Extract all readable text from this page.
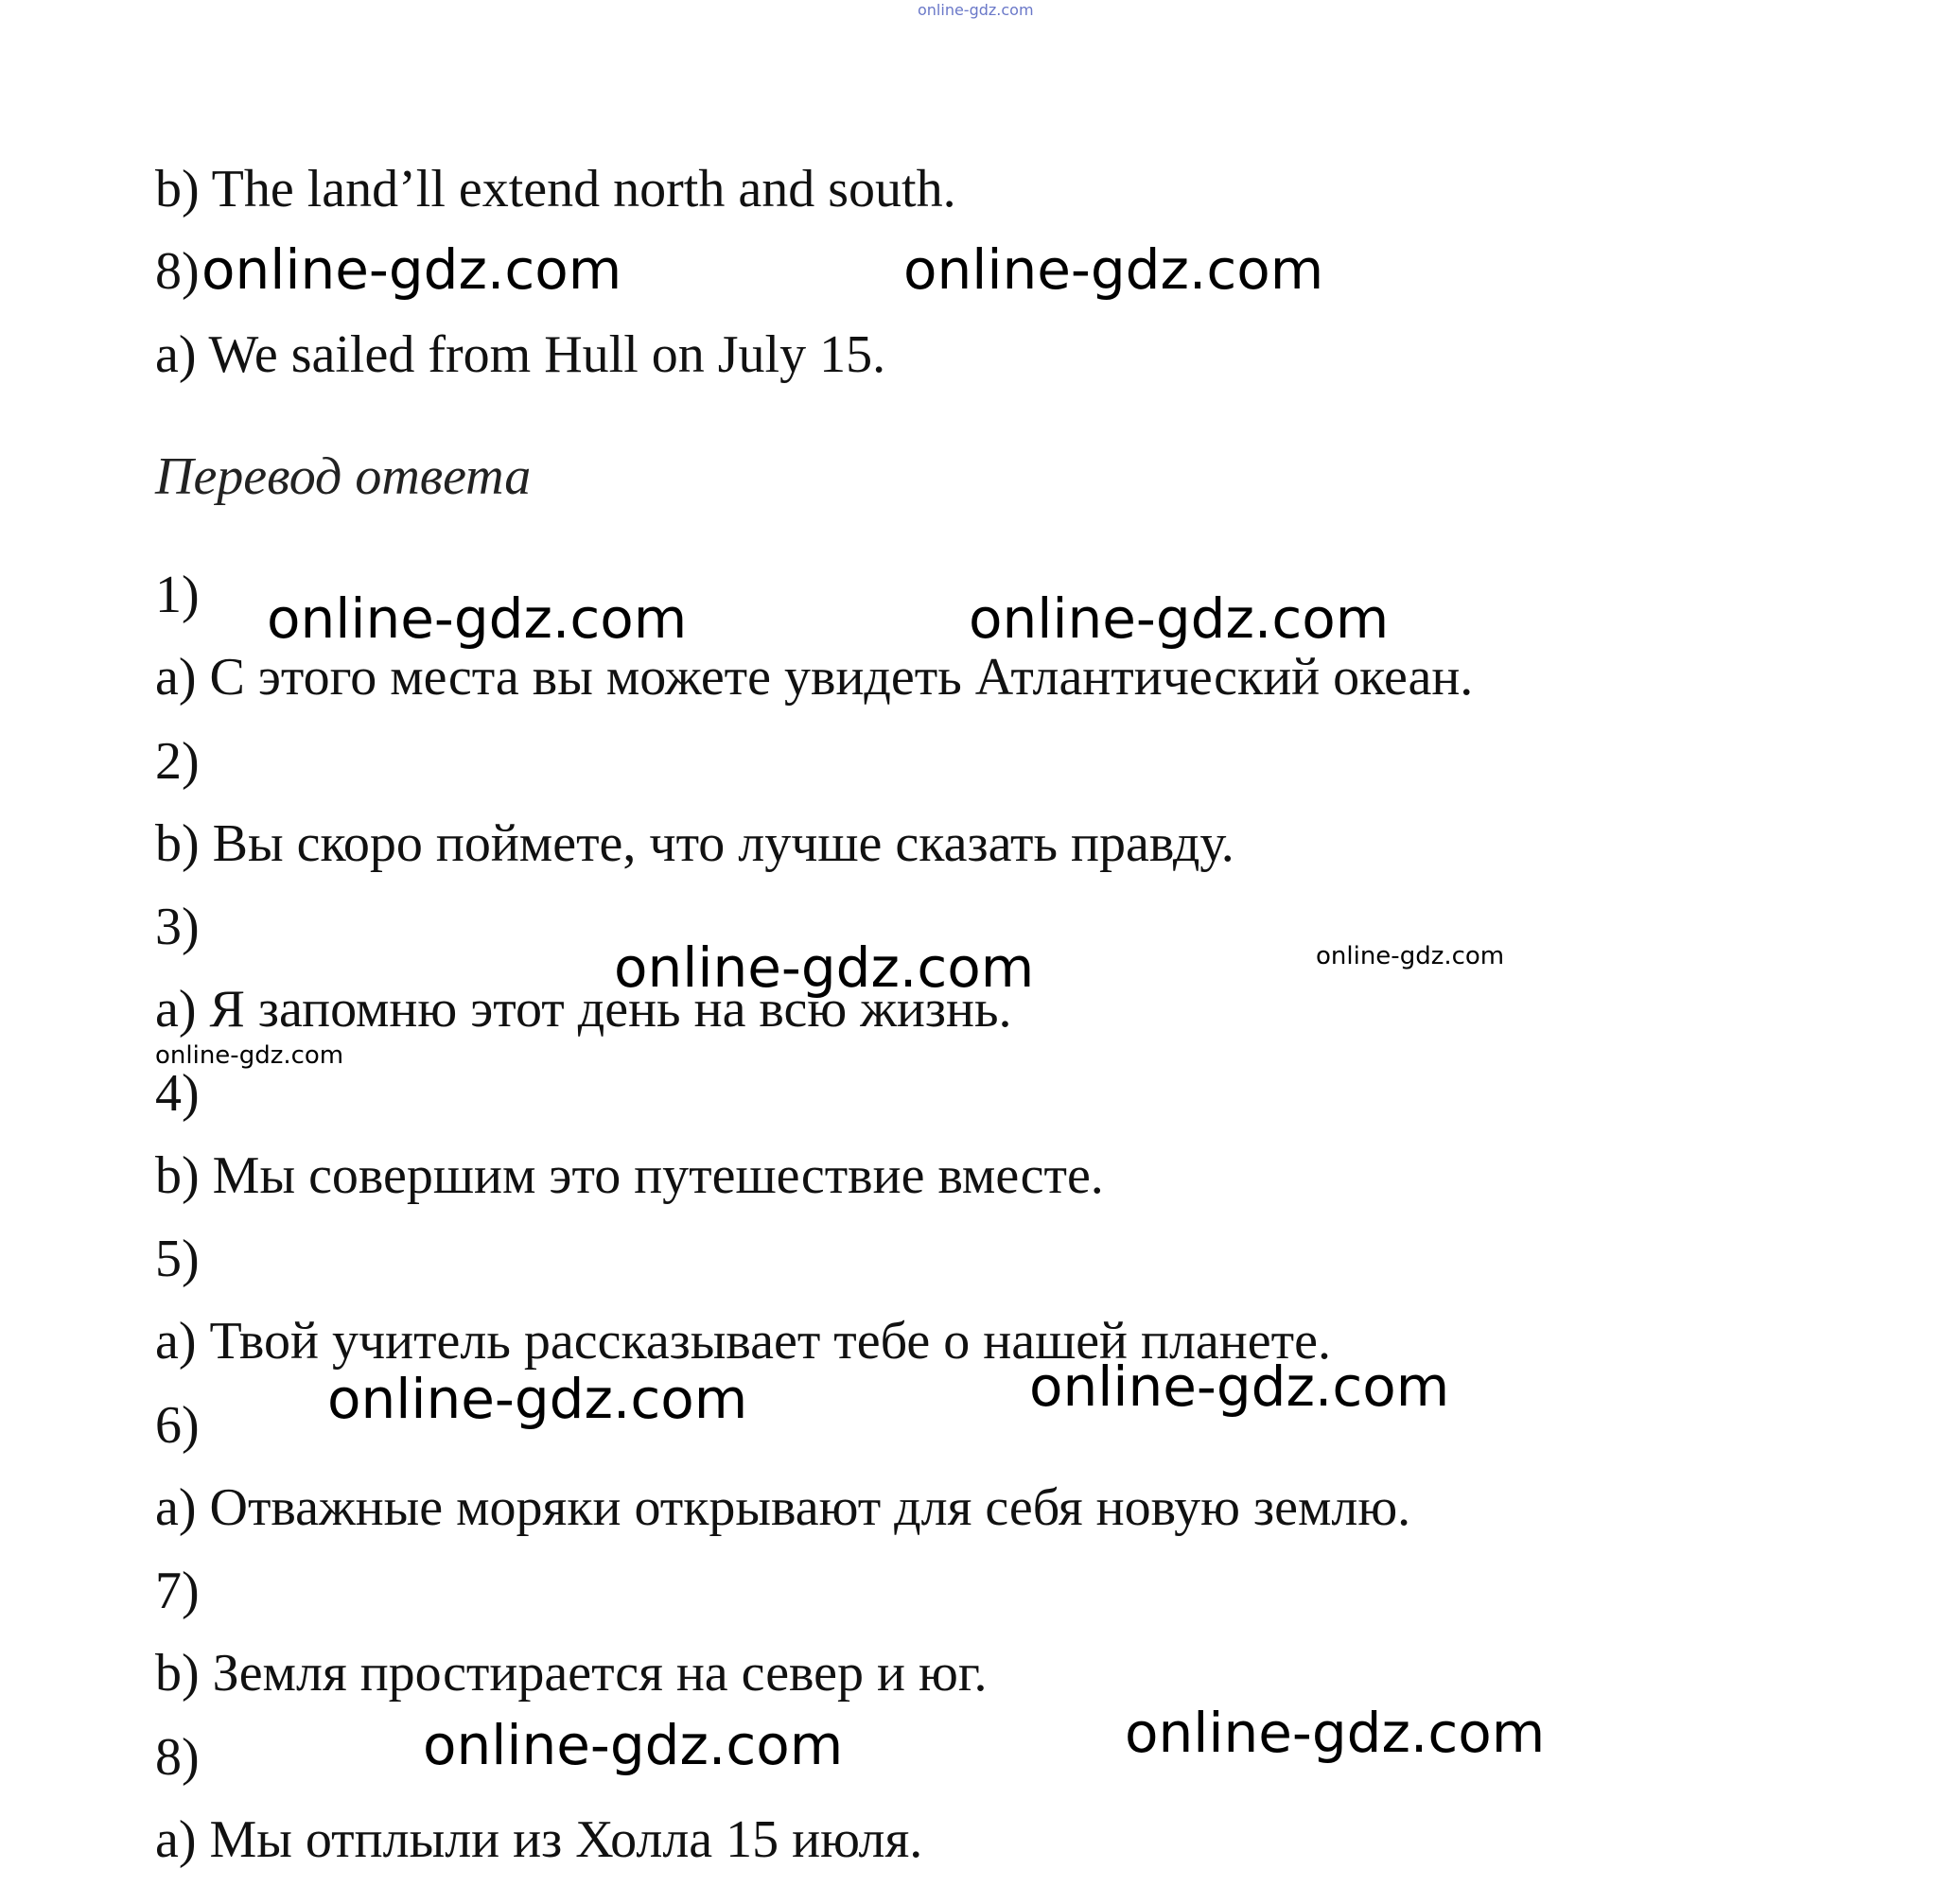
online-gdz.com
b) The land’ll extend north and south.
8)
a) We sailed from Hull on July 15.
Перевод ответа
1)
a) С этого места вы можете увидеть Атлантический океан.
2)
b) Вы скоро поймете, что лучше сказать правду.
3)
a) Я запомню этот день на всю жизнь.
4)
b) Мы совершим это путешествие вместе.
5)
a) Твой учитель рассказывает тебе о нашей планете.
6)
a) Отважные моряки открывают для себя новую землю.
7)
b) Земля простирается на север и юг.
8)
a) Мы отплыли из Холла 15 июля.
online-gdz.com	online-gdz.com
online-gdz.com	online-gdz.com
online-gdz.com	online-gdz.com
online-gdz.com
online-gdz.com	online-gdz.com
online-gdz.com	online-gdz.com
